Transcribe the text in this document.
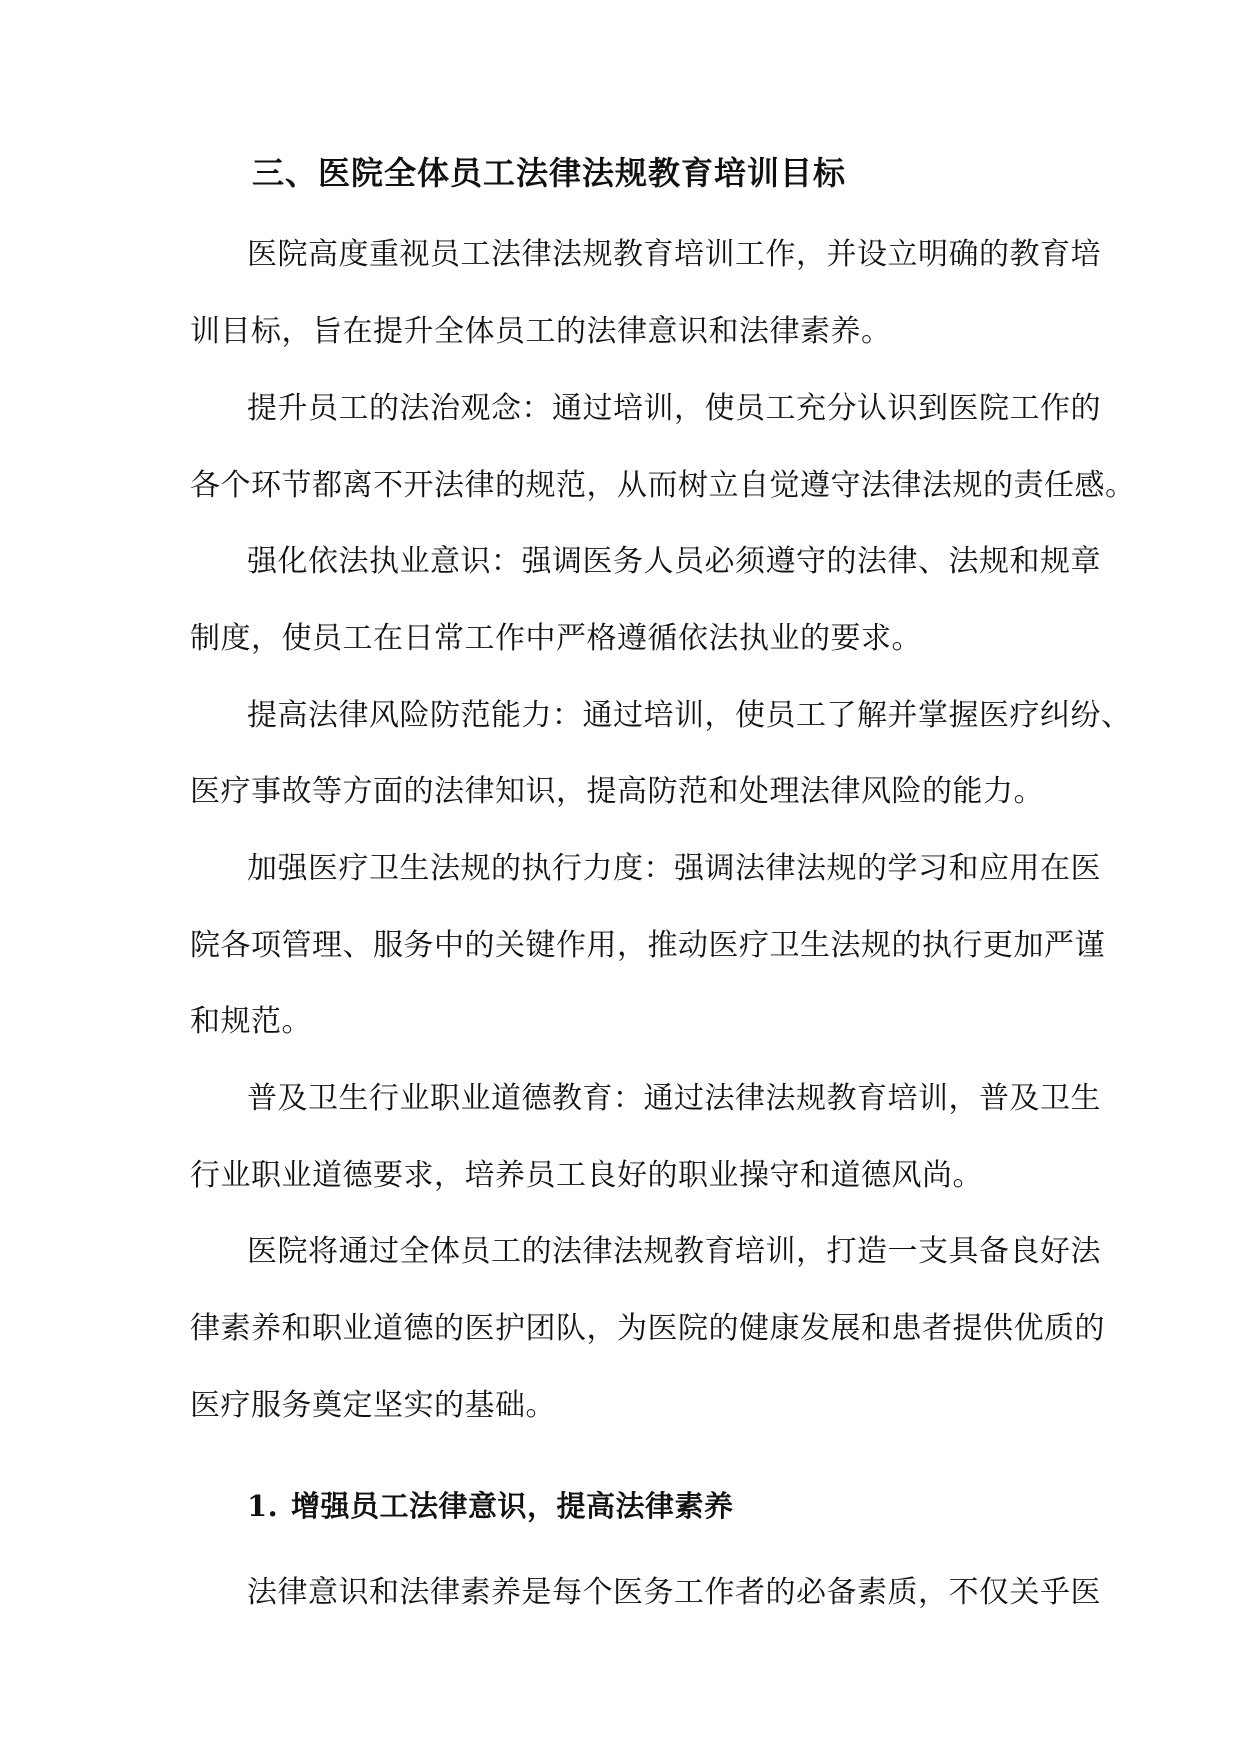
三、医院全体员工法律法规教育培训目标
医院高度重视员工法律法规教育培训工作，并设立明确的教育培
训目标，旨在提升全体员工的法律意识和法律素养。
提升员工的法治观念：通过培训，使员工充分认识到医院工作的
各个环节都离不开法律的规范，从而树立自觉遵守法律法规的责任感。
强化依法执业意识：强调医务人员必须遵守的法律、法规和规章
制度，使员工在日常工作中严格遵循依法执业的要求。
提高法律风险防范能力：通过培训，使员工了解并掌握医疗纠纷、
医疗事故等方面的法律知识，提高防范和处理法律风险的能力。
加强医疗卫生法规的执行力度：强调法律法规的学习和应用在医
院各项管理、服务中的关键作用，推动医疗卫生法规的执行更加严谨
和规范。
普及卫生行业职业道德教育：通过法律法规教育培训，普及卫生
行业职业道德要求，培养员工良好的职业操守和道德风尚。
医院将通过全体员工的法律法规教育培训，打造一支具备良好法
律素养和职业道德的医护团队，为医院的健康发展和患者提供优质的
医疗服务奠定坚实的基础。
1. 增强员工法律意识，提高法律素养
法律意识和法律素养是每个医务工作者的必备素质，不仅关乎医
